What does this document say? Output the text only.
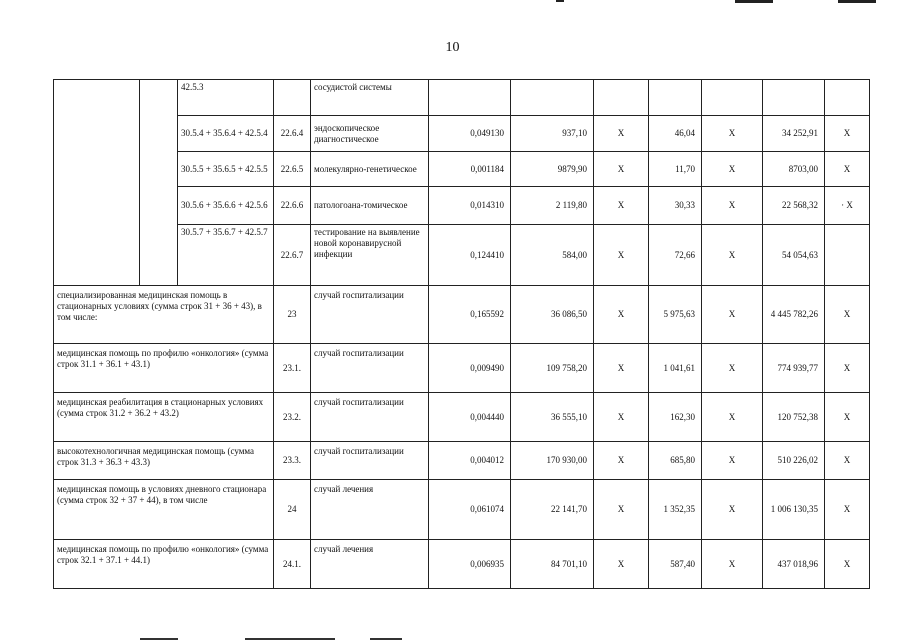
10
		42.5.3		сосудистой системы							
		30.5.4 + 35.6.4 + 42.5.4	22.6.4	эндоскопическое диагностическое	0,049130	937,10	Х	46,04	Х	34 252,91	Х
		30.5.5 + 35.6.5 + 42.5.5	22.6.5	молекулярно-генетическое	0,001184	9879,90	Х	11,70	Х	8703,00	Х
		30.5.6 + 35.6.6 + 42.5.6	22.6.6	патологоана-томическое	0,014310	2 119,80	Х	30,33	Х	22 568,32	· Х
		30.5.7 + 35.6.7 + 42.5.7	22.6.7	тестирование на выявление новой коронавирусной инфекции	0,124410	584,00	Х	72,66	Х	54 054,63	
специализированная медицинская помощь в стационарных условиях (сумма строк 31 + 36 + 43), в том числе:			23	случай госпитализации	0,165592	36 086,50	Х	5 975,63	Х	4 445 782,26	Х
медицинская помощь по профилю «онкология» (сумма строк 31.1 + 36.1 + 43.1)			23.1.	случай госпитализации	0,009490	109 758,20	Х	1 041,61	Х	774 939,77	Х
медицинская реабилитация в стационарных условиях (сумма строк 31.2 + 36.2 + 43.2)			23.2.	случай госпитализации	0,004440	36 555,10	Х	162,30	Х	120 752,38	Х
высокотехнологичная медицинская помощь (сумма строк 31.3 + 36.3 + 43.3)			23.3.	случай госпитализации	0,004012	170 930,00	Х	685,80	Х	510 226,02	Х
медицинская помощь в условиях дневного стационара (сумма строк 32 + 37 + 44), в том числе			24	случай лечения	0,061074	22 141,70	Х	1 352,35	Х	1 006 130,35	Х
медицинская помощь по профилю «онкология» (сумма строк 32.1 + 37.1 + 44.1)			24.1.	случай лечения	0,006935	84 701,10	Х	587,40	Х	437 018,96	Х
